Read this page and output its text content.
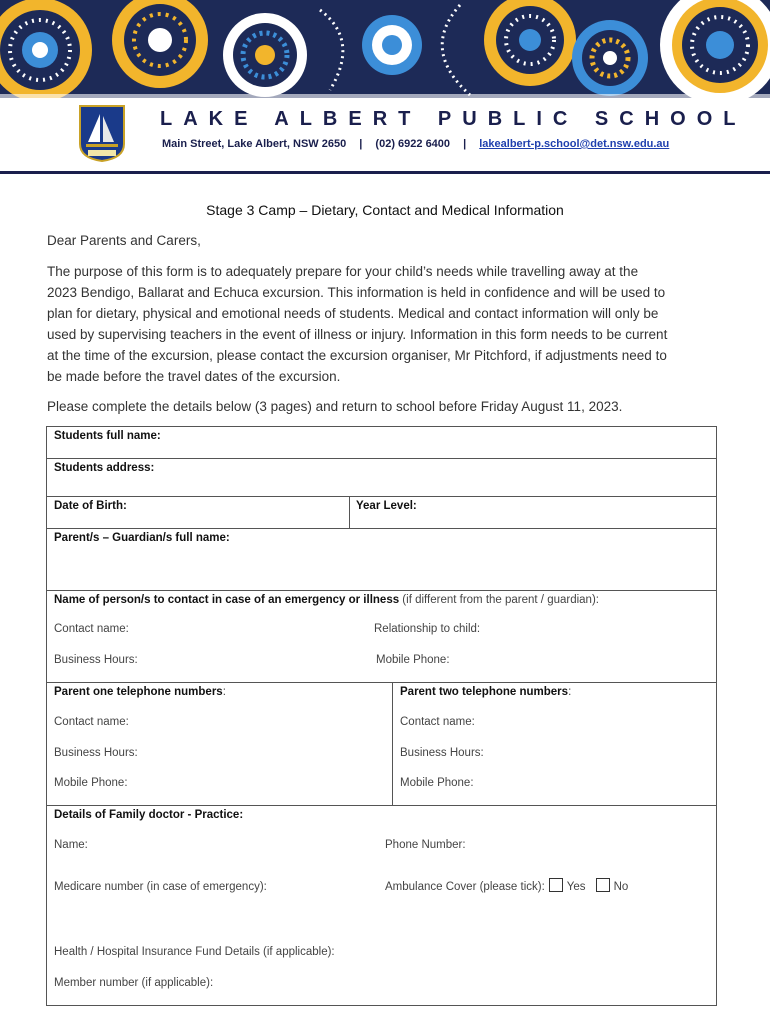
LAKE ALBERT PUBLIC SCHOOL
Main Street, Lake Albert, NSW 2650 | (02) 6922 6400 | lakealbert-p.school@det.nsw.edu.au
Stage 3 Camp – Dietary, Contact and Medical Information
Dear Parents and Carers,
The purpose of this form is to adequately prepare for your child’s needs while travelling away at the
2023 Bendigo, Ballarat and Echuca excursion. This information is held in confidence and will be used to
plan for dietary, physical and emotional needs of students. Medical and contact information will only be
used by supervising teachers in the event of illness or injury. Information in this form needs to be current
at the time of the excursion, please contact the excursion organiser, Mr Pitchford, if adjustments need to
be made before the travel dates of the excursion.
Please complete the details below (3 pages) and return to school before Friday August 11, 2023.
Students full name:
Students address:
Date of Birth:	Year Level:
Parent/s – Guardian/s full name:
Name of person/s to contact in case of an emergency or illness (if different from the parent / guardian):
Contact name:	Relationship to child:
Business Hours:	Mobile Phone:
Parent one telephone numbers:
Contact name:
Business Hours:
Mobile Phone:
Parent two telephone numbers:
Contact name:
Business Hours:
Mobile Phone:
Details of Family doctor - Practice:
Name:	Phone Number:
Medicare number (in case of emergency):	Ambulance Cover (please tick): Yes No
Health / Hospital Insurance Fund Details (if applicable):
Member number (if applicable):
